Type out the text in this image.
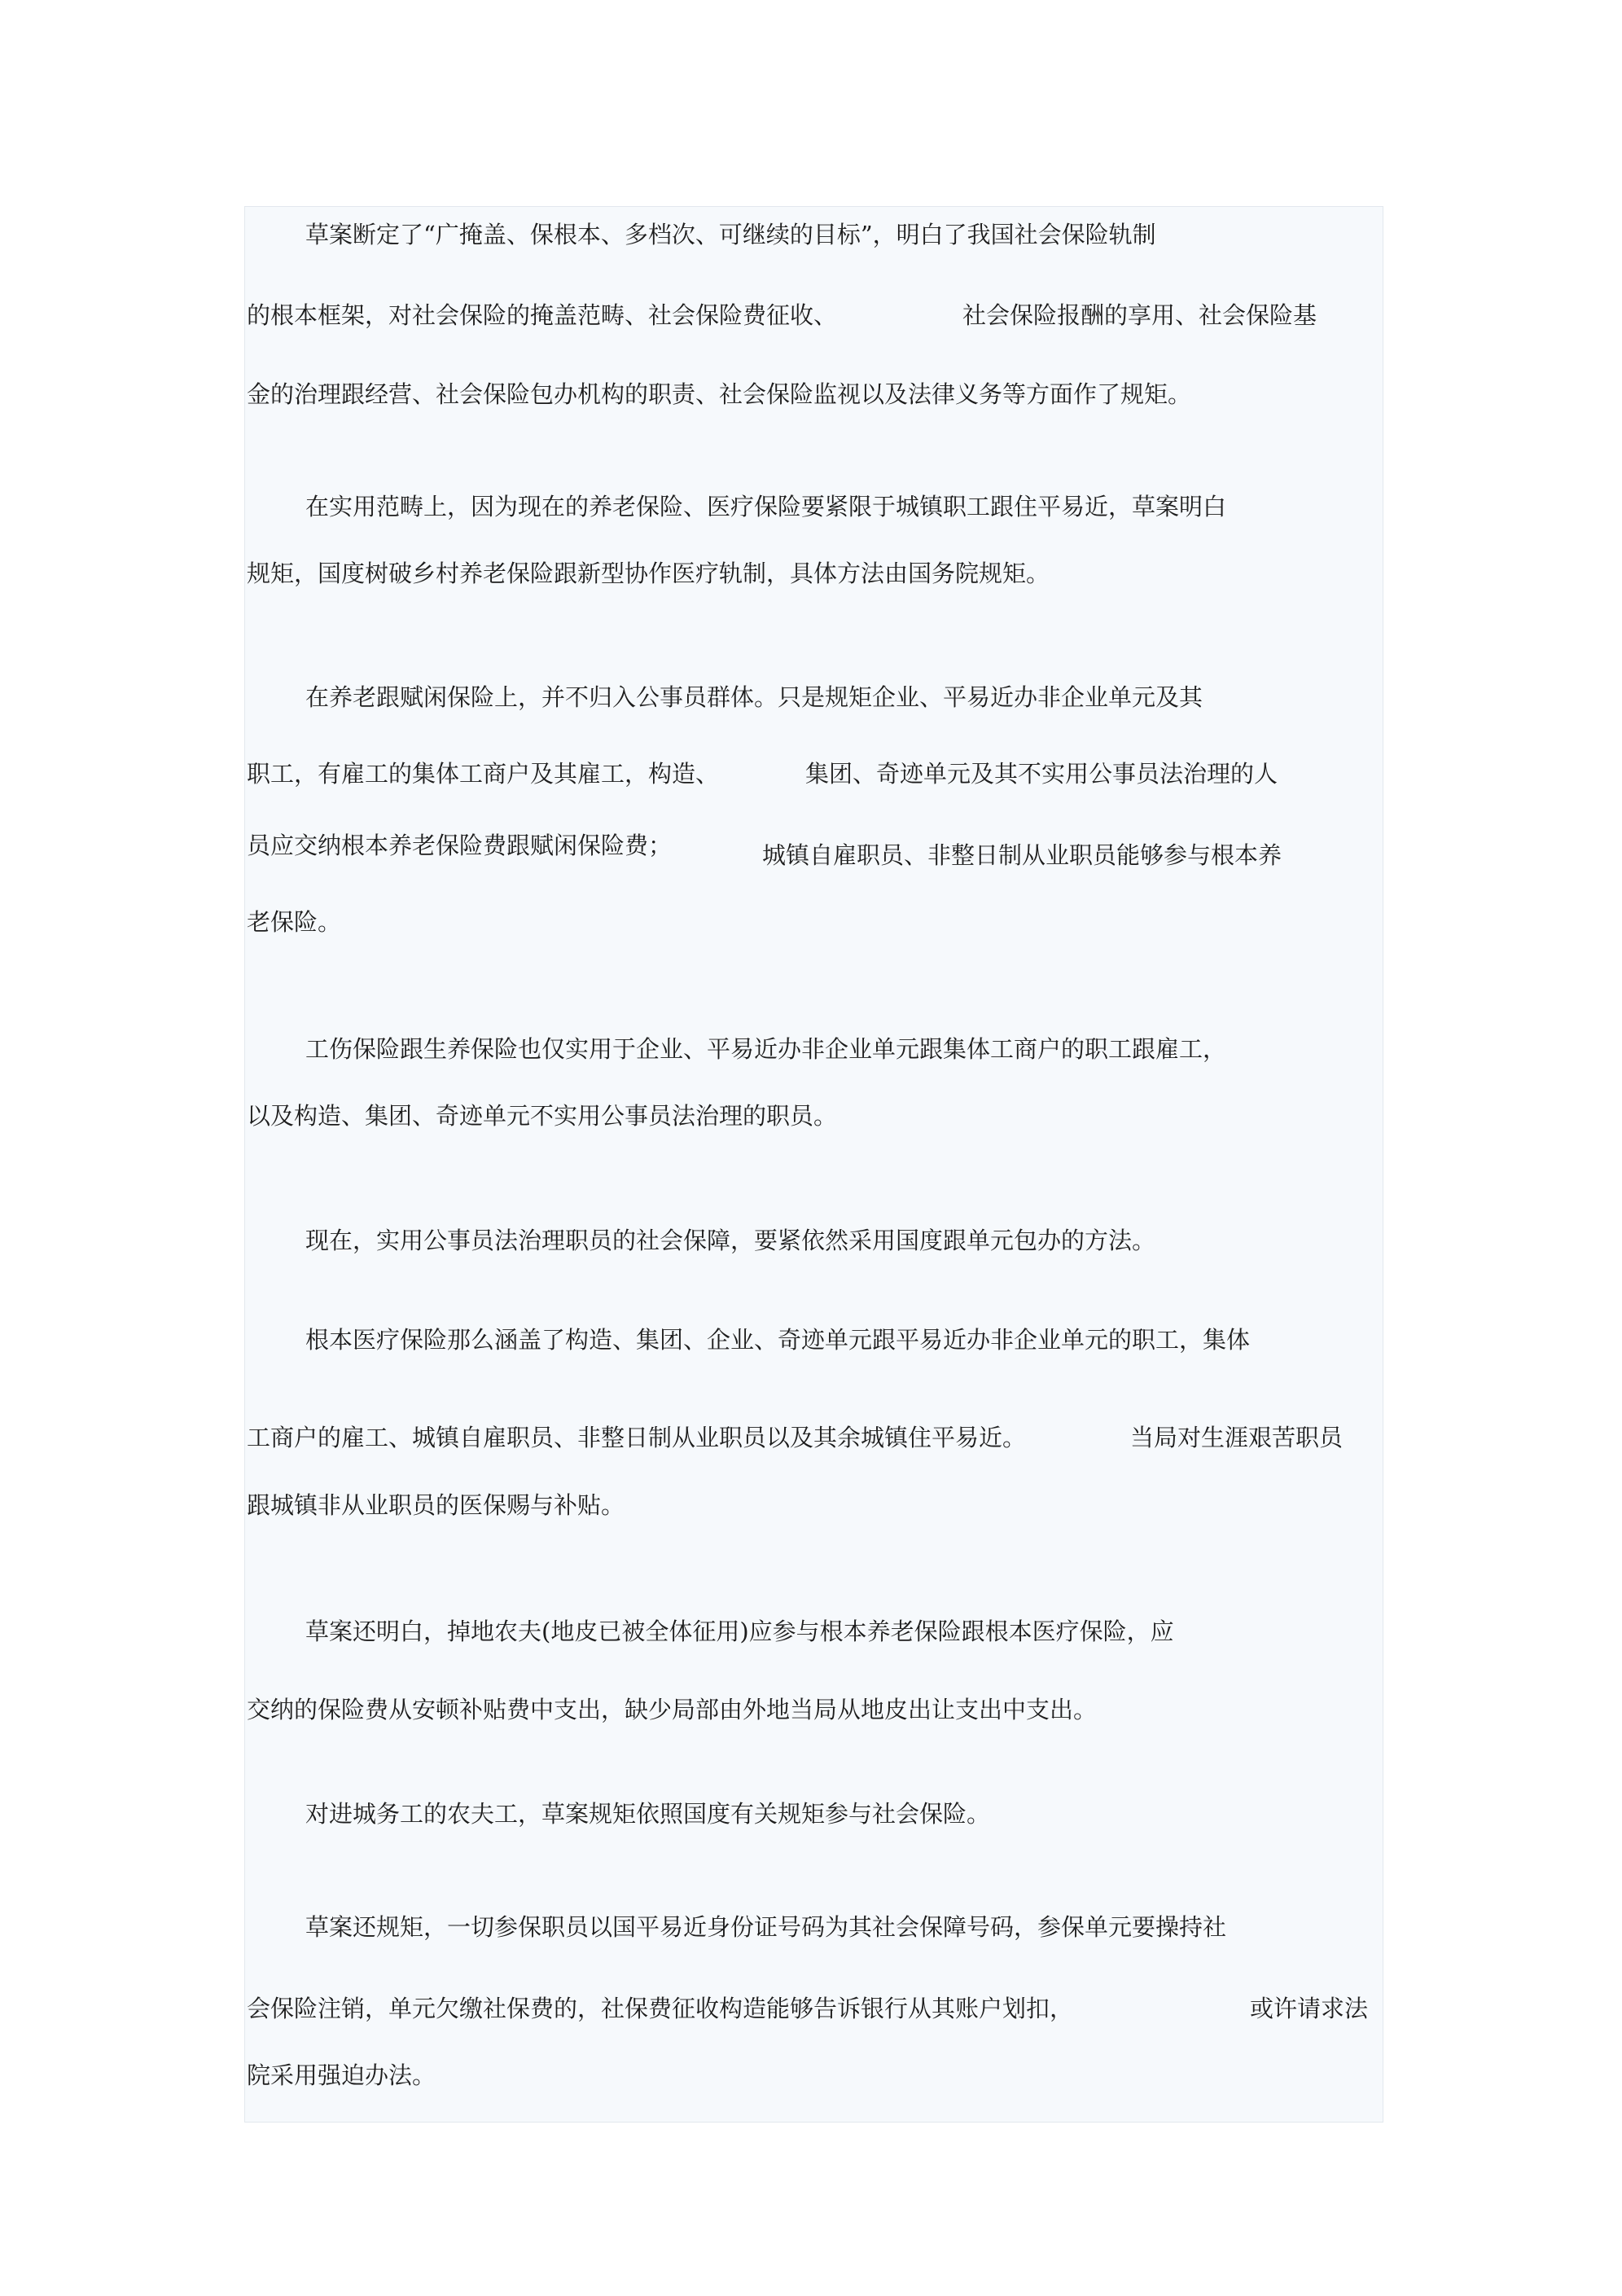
草案断定了“广掩盖、保根本、多档次、可继续的目标”，明白了我国社会保险轨制
的根本框架，对社会保险的掩盖范畴、社会保险费征收、	社会保险报酬的享用、社会保险基
金的治理跟经营、社会保险包办机构的职责、社会保险监视以及法律义务等方面作了规矩。
在实用范畴上，因为现在的养老保险、医疗保险要紧限于城镇职工跟住平易近，草案明白
规矩，国度树破乡村养老保险跟新型协作医疗轨制，具体方法由国务院规矩。
在养老跟赋闲保险上，并不归入公事员群体。只是规矩企业、平易近办非企业单元及其
职工，有雇工的集体工商户及其雇工，构造、	集团、奇迹单元及其不实用公事员法治理的人
员应交纳根本养老保险费跟赋闲保险费；	城镇自雇职员、非整日制从业职员能够参与根本养
老保险。
工伤保险跟生养保险也仅实用于企业、平易近办非企业单元跟集体工商户的职工跟雇工，
以及构造、集团、奇迹单元不实用公事员法治理的职员。
现在，实用公事员法治理职员的社会保障，要紧依然采用国度跟单元包办的方法。
根本医疗保险那么涵盖了构造、集团、企业、奇迹单元跟平易近办非企业单元的职工，集体
工商户的雇工、城镇自雇职员、非整日制从业职员以及其余城镇住平易近。	当局对生涯艰苦职员
跟城镇非从业职员的医保赐与补贴。
草案还明白，掉地农夫(地皮已被全体征用)应参与根本养老保险跟根本医疗保险，应
交纳的保险费从安顿补贴费中支出，缺少局部由外地当局从地皮出让支出中支出。
对进城务工的农夫工，草案规矩依照国度有关规矩参与社会保险。
草案还规矩，一切参保职员以国平易近身份证号码为其社会保障号码，参保单元要操持社
会保险注销，单元欠缴社保费的，社保费征收构造能够告诉银行从其账户划扣，	或许请求法
院采用强迫办法。
